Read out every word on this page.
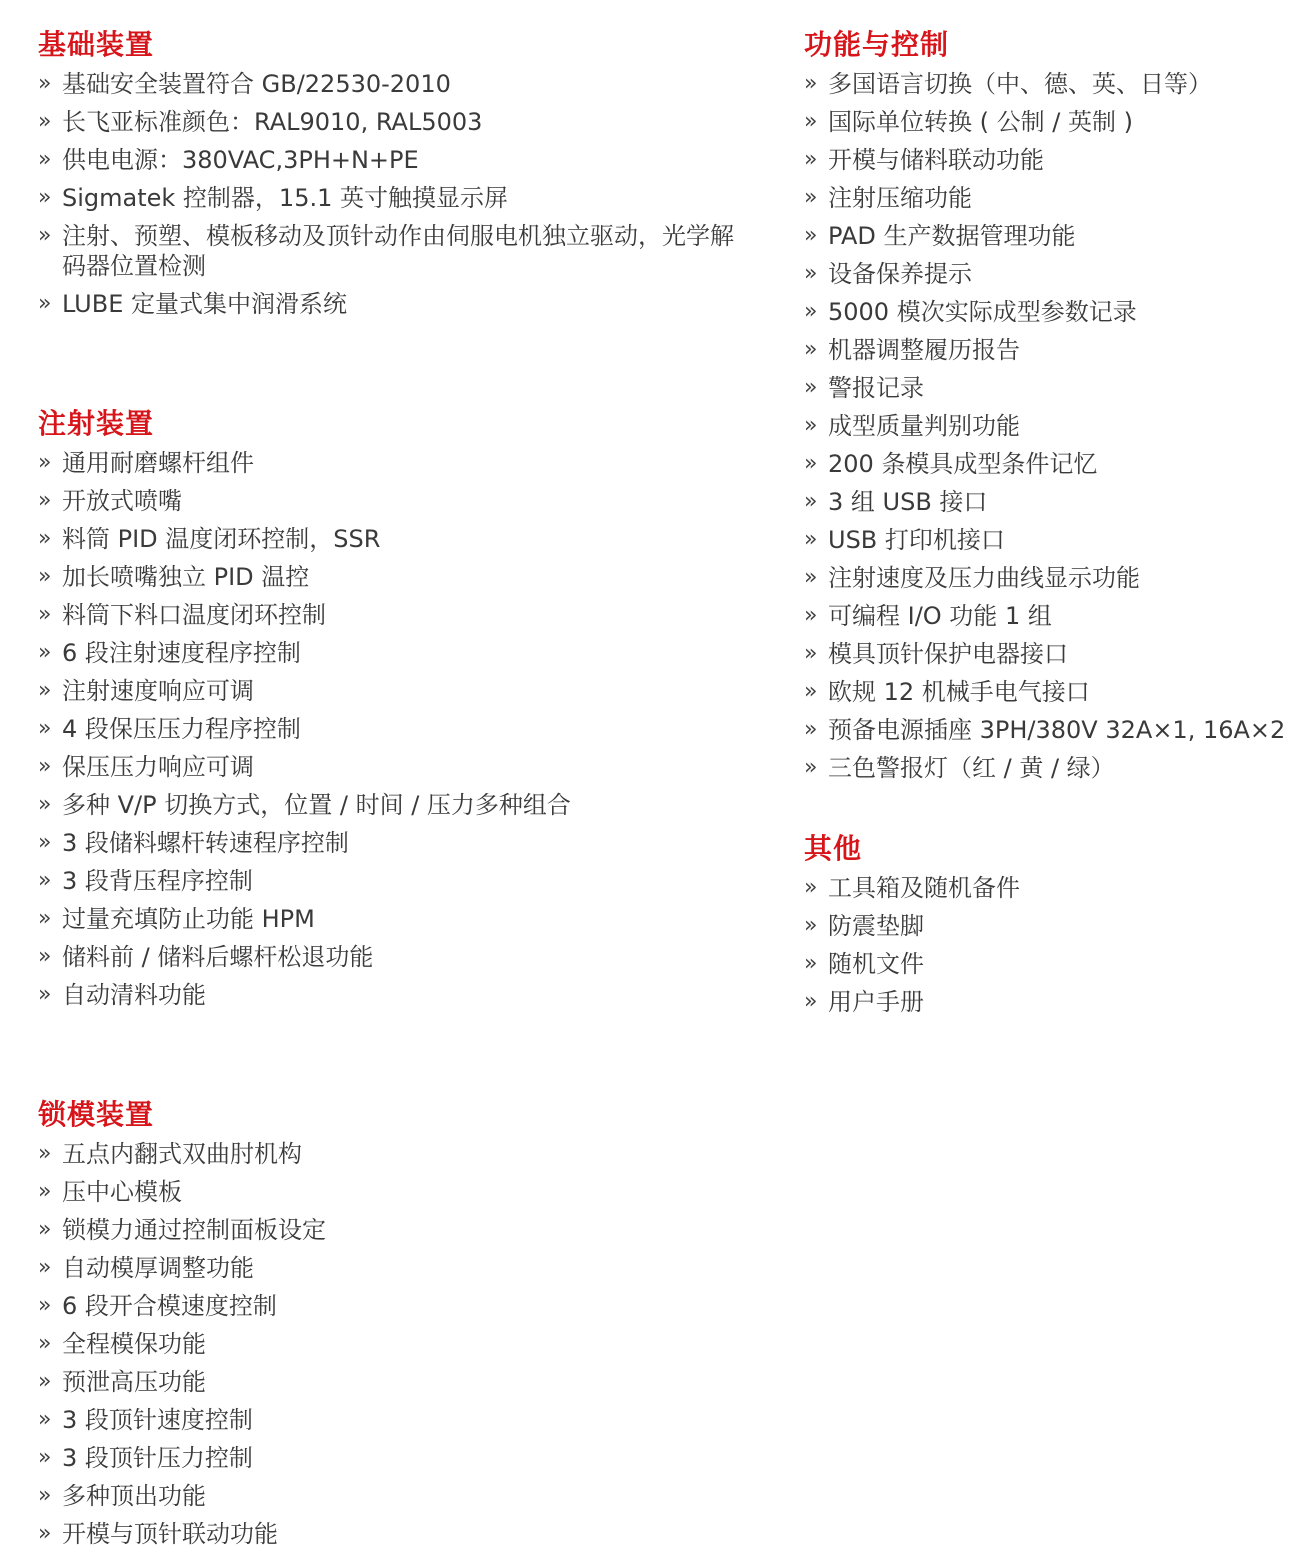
基础装置
» 基础安全装置符合 GB/22530-2010
» 长飞亚标准颜色：RAL9010, RAL5003
» 供电电源：380VAC,3PH+N+PE
» Sigmatek 控制器，15.1 英寸触摸显示屏
» 注射、预塑、模板移动及顶针动作由伺服电机独立驱动，光学解码器位置检测
» LUBE 定量式集中润滑系统
注射装置
» 通用耐磨螺杆组件
» 开放式喷嘴
» 料筒 PID 温度闭环控制，SSR
» 加长喷嘴独立 PID 温控
» 料筒下料口温度闭环控制
» 6 段注射速度程序控制
» 注射速度响应可调
» 4 段保压压力程序控制
» 保压压力响应可调
» 多种 V/P 切换方式，位置 / 时间 / 压力多种组合
» 3 段储料螺杆转速程序控制
» 3 段背压程序控制
» 过量充填防止功能 HPM
» 储料前 / 储料后螺杆松退功能
» 自动清料功能
锁模装置
» 五点内翻式双曲肘机构
» 压中心模板
» 锁模力通过控制面板设定
» 自动模厚调整功能
» 6 段开合模速度控制
» 全程模保功能
» 预泄高压功能
» 3 段顶针速度控制
» 3 段顶针压力控制
» 多种顶出功能
» 开模与顶针联动功能
功能与控制
» 多国语言切换（中、德、英、日等）
» 国际单位转换 ( 公制 / 英制 )
» 开模与储料联动功能
» 注射压缩功能
» PAD 生产数据管理功能
» 设备保养提示
» 5000 模次实际成型参数记录
» 机器调整履历报告
» 警报记录
» 成型质量判别功能
» 200 条模具成型条件记忆
» 3 组 USB 接口
» USB 打印机接口
» 注射速度及压力曲线显示功能
» 可编程 I/O 功能 1 组
» 模具顶针保护电器接口
» 欧规 12 机械手电气接口
» 预备电源插座 3PH/380V 32A×1, 16A×2
» 三色警报灯（红 / 黄 / 绿）
其他
» 工具箱及随机备件
» 防震垫脚
» 随机文件
» 用户手册
